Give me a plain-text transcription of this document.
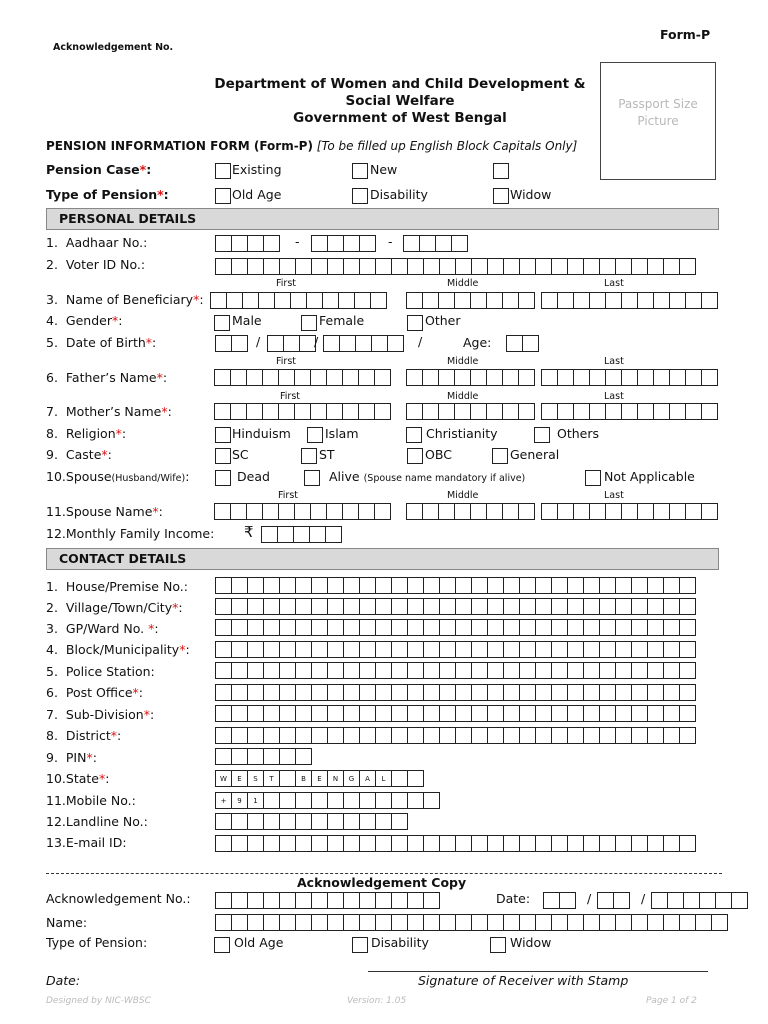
Form-P
Acknowledgement No.
Department of Women and Child Development &
Social Welfare
Government of West Bengal
Passport Size
Picture
PENSION INFORMATION FORM (Form-P) [To be filled up English Block Capitals Only]
Pension Case*:	Existing	New
Type of Pension*:	Old Age	Disability	Widow
PERSONAL DETAILS
1. Aadhaar No.:	-	-
2. Voter ID No.:
First	Middle	Last
3. Name of Beneficiary*:
4. Gender*:	Male	Female	Other
5. Date of Birth*:	/	/	/	Age:
First	Middle	Last
6. Father’s Name*:
First	Middle	Last
7. Mother’s Name*:
8. Religion*:	Hinduism	Islam	Christianity	Others
9. Caste*:	SC	ST	OBC	General
10.Spouse(Husband/Wife):	Dead	Alive (Spouse name mandatory if alive)	Not Applicable
First	Middle	Last
11.Spouse Name*:
12.Monthly Family Income: ₹
CONTACT DETAILS
1. House/Premise No.:
2. Village/Town/City*:
3. GP/Ward No. *:
4. Block/Municipality*:
5. Police Station:
6. Post Office*:
7. Sub-Division*:
8. District*:
9. PIN*:
10.State*:	W	E	S	T	B	E	N	G	A	L
11.Mobile No.:	+	9	1
12.Landline No.:
13.E-mail ID:
Acknowledgement Copy
Acknowledgement No.:	Date:	/	/
Name:
Type of Pension:	Old Age	Disability	Widow
Date:	Signature of Receiver with Stamp
Designed by NIC-WBSC	Version: 1.05	Page 1 of 2
